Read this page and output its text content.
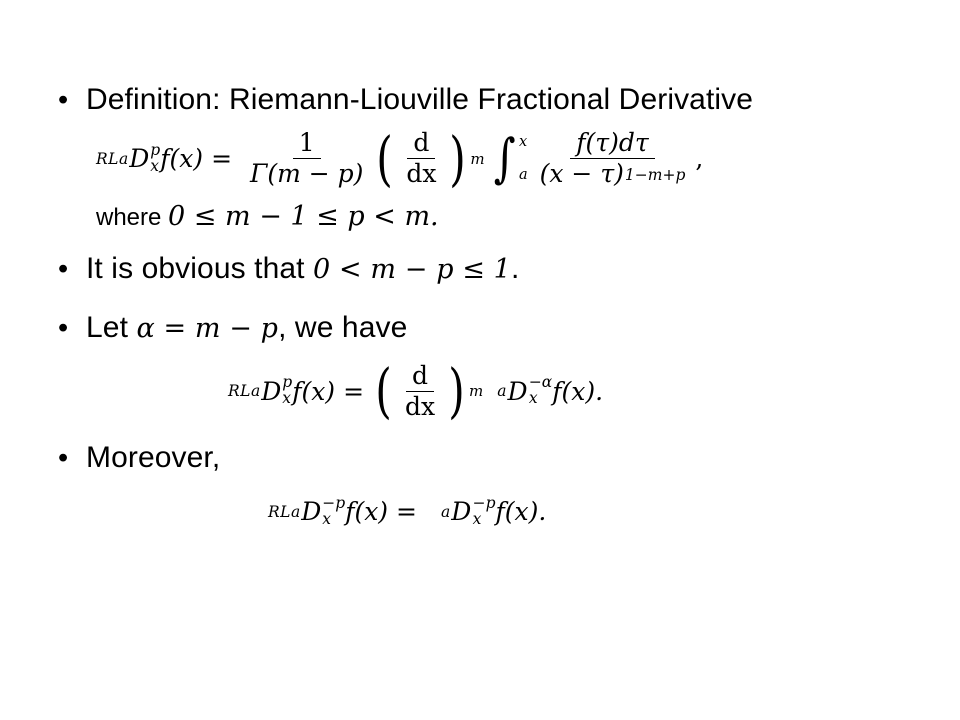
• Definition: Riemann-Liouville Fractional Derivative
RL a D p
x $f(x) = \frac{1}{\Gamma(m - p)}$ ( $\frac{d}{dx}$ ) m ∫ x
a $\frac{f(\tau)d\tau}{(x - \tau) 1-m+p}$ ,
where 0 ≤ m − 1 ≤ p < m.
• It is obvious that 0 < m − p ≤ 1.
• Let α = m − p, we have
RL a D p
x f(x) = ( $\frac{d}{dx}$ ) m a D −α
x f(x).
• Moreover,
RL a D −p
x f(x) = a D −p
x f(x).
